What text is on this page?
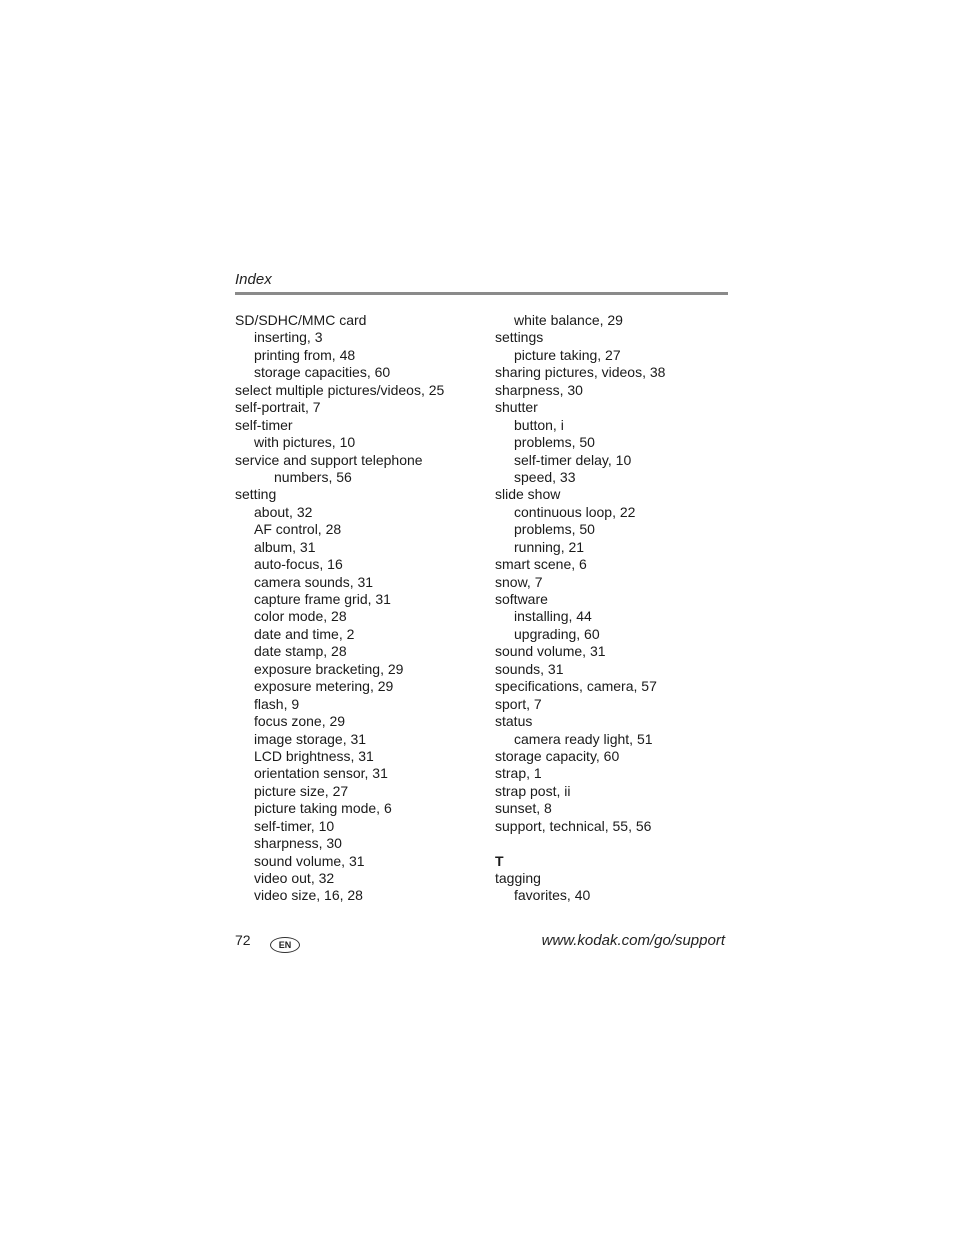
Index
SD/SDHC/MMC card
inserting, 3
printing from, 48
storage capacities, 60
select multiple pictures/videos, 25
self-portrait, 7
self-timer
with pictures, 10
service and support telephone
numbers, 56
setting
about, 32
AF control, 28
album, 31
auto-focus, 16
camera sounds, 31
capture frame grid, 31
color mode, 28
date and time, 2
date stamp, 28
exposure bracketing, 29
exposure metering, 29
flash, 9
focus zone, 29
image storage, 31
LCD brightness, 31
orientation sensor, 31
picture size, 27
picture taking mode, 6
self-timer, 10
sharpness, 30
sound volume, 31
video out, 32
video size, 16, 28
white balance, 29
settings
picture taking, 27
sharing pictures, videos, 38
sharpness, 30
shutter
button, i
problems, 50
self-timer delay, 10
speed, 33
slide show
continuous loop, 22
problems, 50
running, 21
smart scene, 6
snow, 7
software
installing, 44
upgrading, 60
sound volume, 31
sounds, 31
specifications, camera, 57
sport, 7
status
camera ready light, 51
storage capacity, 60
strap, 1
strap post, ii
sunset, 8
support, technical, 55, 56
T
tagging
favorites, 40
72	EN	www.kodak.com/go/support
